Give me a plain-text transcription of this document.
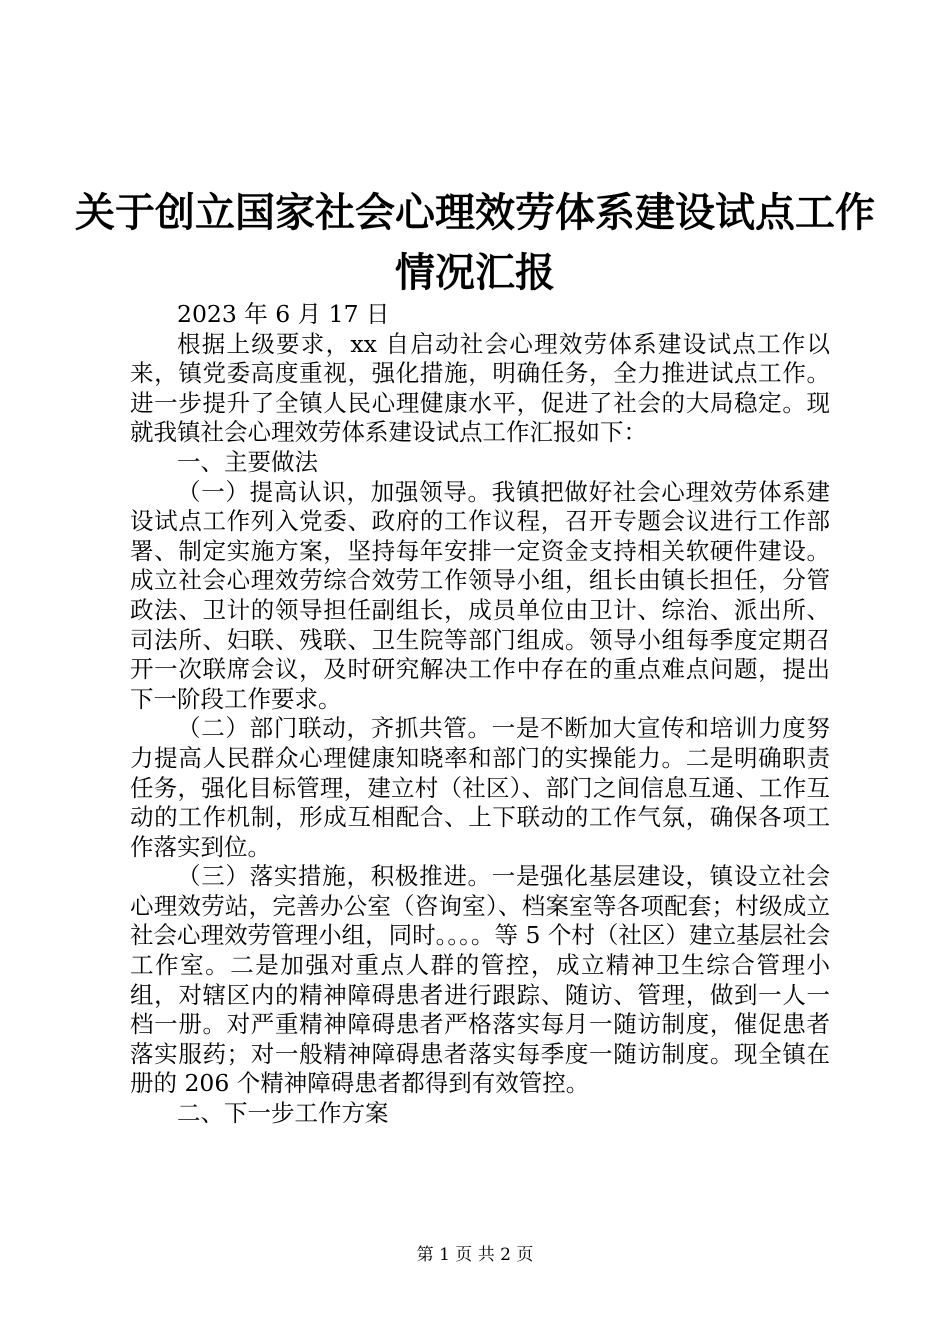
关于创立国家社会心理效劳体系建设试点工作
情况汇报

2023 年 6 月 17 日

根据上级要求，xx 自启动社会心理效劳体系建设试点工作以来，镇党委高度重视，强化措施，明确任务，全力推进试点工作。进一步提升了全镇人民心理健康水平，促进了社会的大局稳定。现就我镇社会心理效劳体系建设试点工作汇报如下：

一、主要做法

（一）提高认识，加强领导。我镇把做好社会心理效劳体系建设试点工作列入党委、政府的工作议程，召开专题会议进行工作部署、制定实施方案，坚持每年安排一定资金支持相关软硬件建设。成立社会心理效劳综合效劳工作领导小组，组长由镇长担任，分管政法、卫计的领导担任副组长，成员单位由卫计、综治、派出所、司法所、妇联、残联、卫生院等部门组成。领导小组每季度定期召开一次联席会议，及时研究解决工作中存在的重点难点问题，提出下一阶段工作要求。

（二）部门联动，齐抓共管。一是不断加大宣传和培训力度努力提高人民群众心理健康知晓率和部门的实操能力。二是明确职责任务，强化目标管理，建立村（社区）、部门之间信息互通、工作互动的工作机制，形成互相配合、上下联动的工作气氛，确保各项工作落实到位。

（三）落实措施，积极推进。一是强化基层建设，镇设立社会心理效劳站，完善办公室（咨询室）、档案室等各项配套；村级成立社会心理效劳管理小组，同时。。。。等 5 个村（社区）建立基层社会工作室。二是加强对重点人群的管控，成立精神卫生综合管理小组，对辖区内的精神障碍患者进行跟踪、随访、管理，做到一人一档一册。对严重精神障碍患者严格落实每月一随访制度，催促患者落实服药；对一般精神障碍患者落实每季度一随访制度。现全镇在册的 206 个精神障碍患者都得到有效管控。

二、下一步工作方案

第 1 页 共 2 页
